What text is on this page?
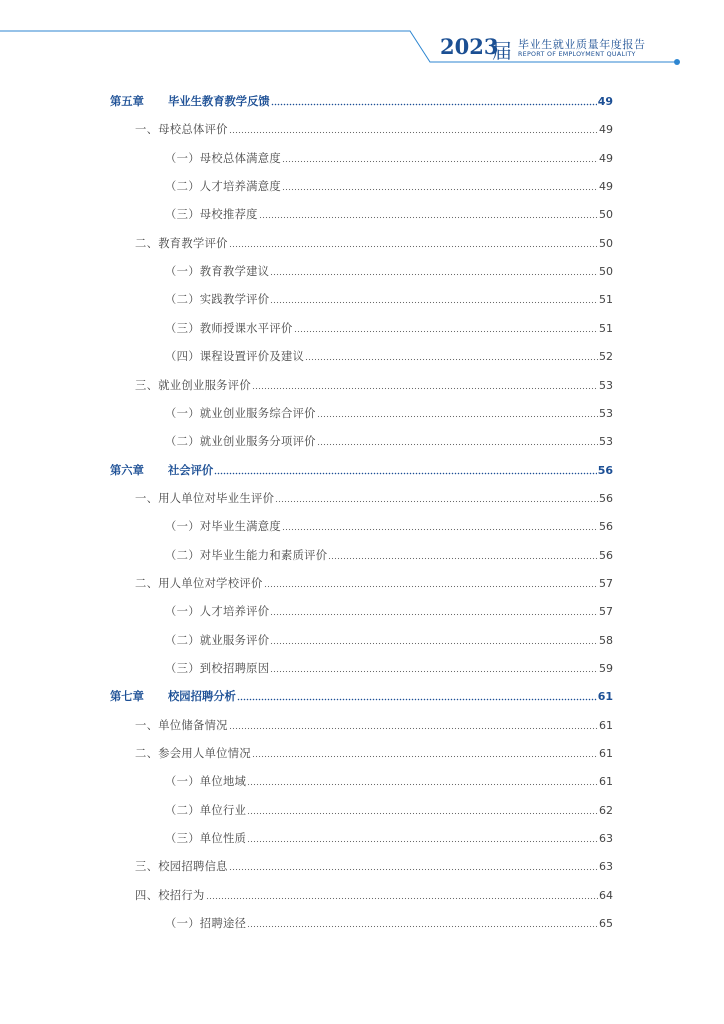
2023
届 毕业生就业质量年度报告
REPORT OF EMPLOYMENT QUALITY
第五章 毕业生教育教学反馈	49
一、母校总体评价	49
（一）母校总体满意度	49
（二）人才培养满意度	49
（三）母校推荐度	50
二、教育教学评价	50
（一）教育教学建议	50
（二）实践教学评价	51
（三）教师授课水平评价	51
（四）课程设置评价及建议	52
三、就业创业服务评价	53
（一）就业创业服务综合评价	53
（二）就业创业服务分项评价	53
第六章 社会评价	56
一、用人单位对毕业生评价	56
（一）对毕业生满意度	56
（二）对毕业生能力和素质评价	56
二、用人单位对学校评价	57
（一）人才培养评价	57
（二）就业服务评价	58
（三）到校招聘原因	59
第七章 校园招聘分析	61
一、单位储备情况	61
二、参会用人单位情况	61
（一）单位地域	61
（二）单位行业	62
（三）单位性质	63
三、校园招聘信息	63
四、校招行为	64
（一）招聘途径	65
